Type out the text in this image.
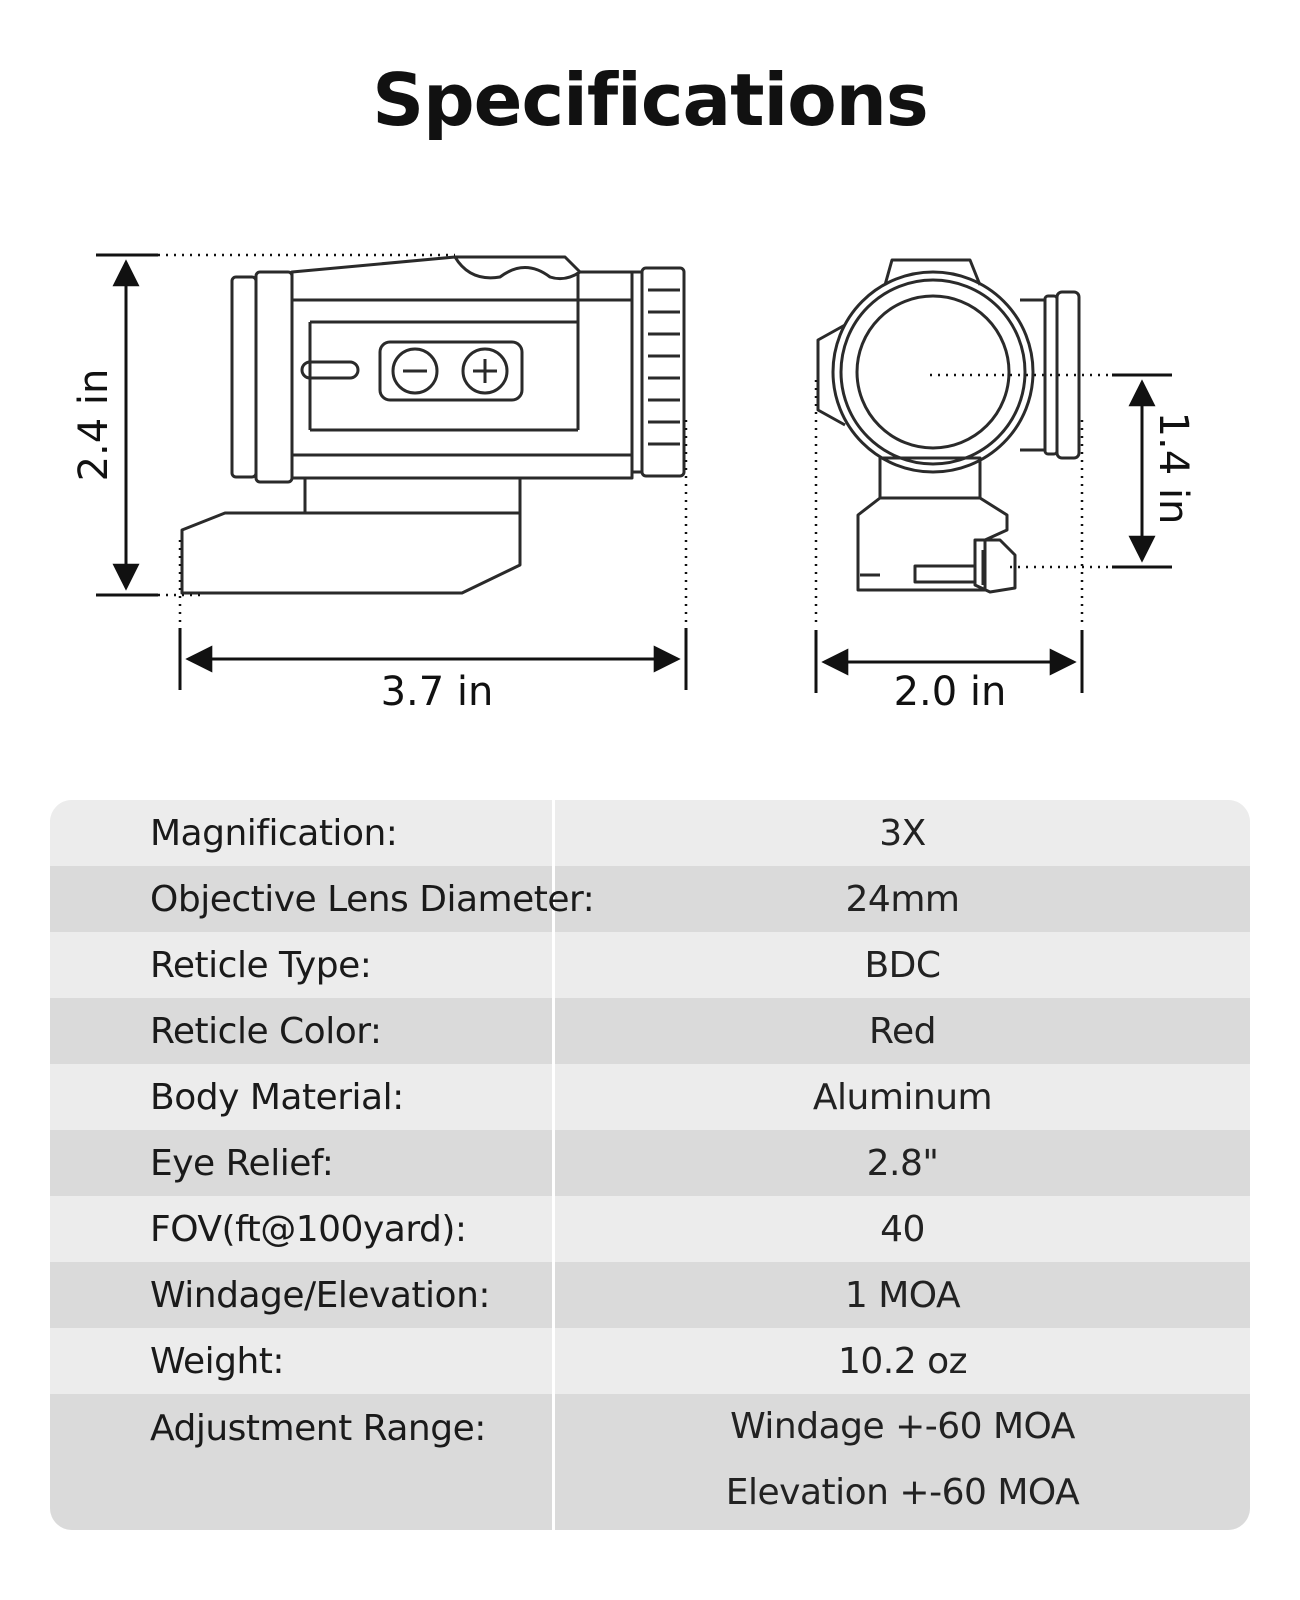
Specifications
2.4 in
3.7 in
1.4 in
2.0 in
Magnification:	3X
Objective Lens Diameter:	24mm
Reticle Type:	BDC
Reticle Color:	Red
Body Material:	Aluminum
Eye Relief:	2.8"
FOV(ft@100yard):	40
Windage/Elevation:	1 MOA
Weight:	10.2 oz
Adjustment Range:	Windage +-60 MOA
Elevation +-60 MOA
